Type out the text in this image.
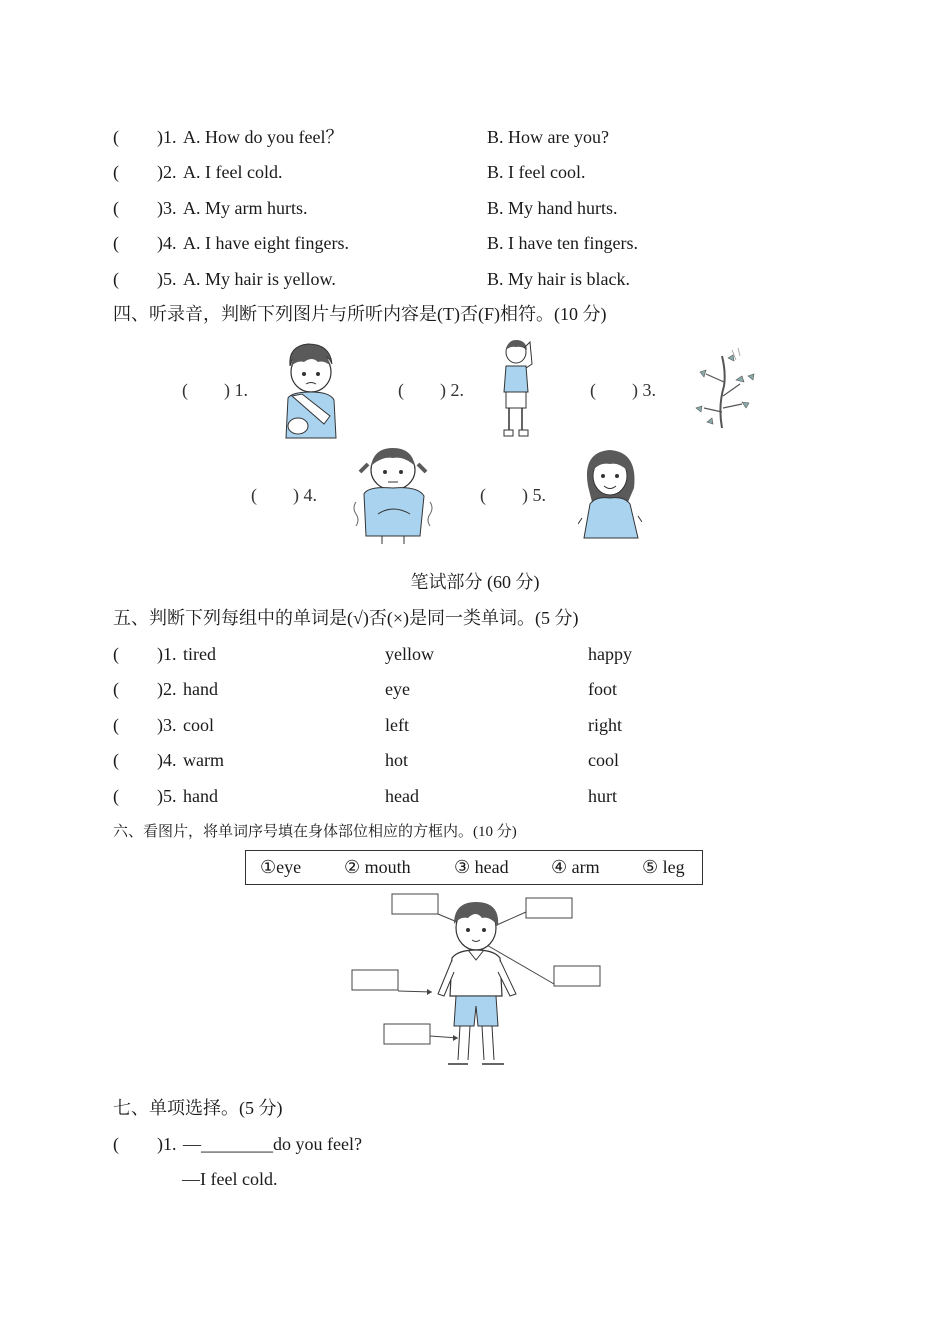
( )1. A. How do you feel？	B. How are you?
( )2. A. I feel cold.	B. I feel cool.
( )3. A. My arm hurts.	B. My hand hurts.
( )4. A. I have eight fingers.	B. I have ten fingers.
( )5. A. My hair is yellow.	B. My hair is black.
四、听录音，判断下列图片与所听内容是(T)否(F)相符。(10 分)
(　　) 1.	(　　) 2.	(　　) 3.
(　　) 4.	(　　) 5.
笔试部分 (60 分)
五、判断下列每组中的单词是(√)否(×)是同一类单词。(5 分)
( )1. tired	yellow	happy
( )2. hand	eye	foot
( )3. cool	left	right
( )4. warm	hot	cool
( )5. hand	head	hurt
六、看图片，将单词序号填在身体部位相应的方框内。(10 分)
①eye ② mouth ③ head ④ arm ⑤ leg
七、单项选择。(5 分)
( )1. —________do you feel?
—I feel cold.
